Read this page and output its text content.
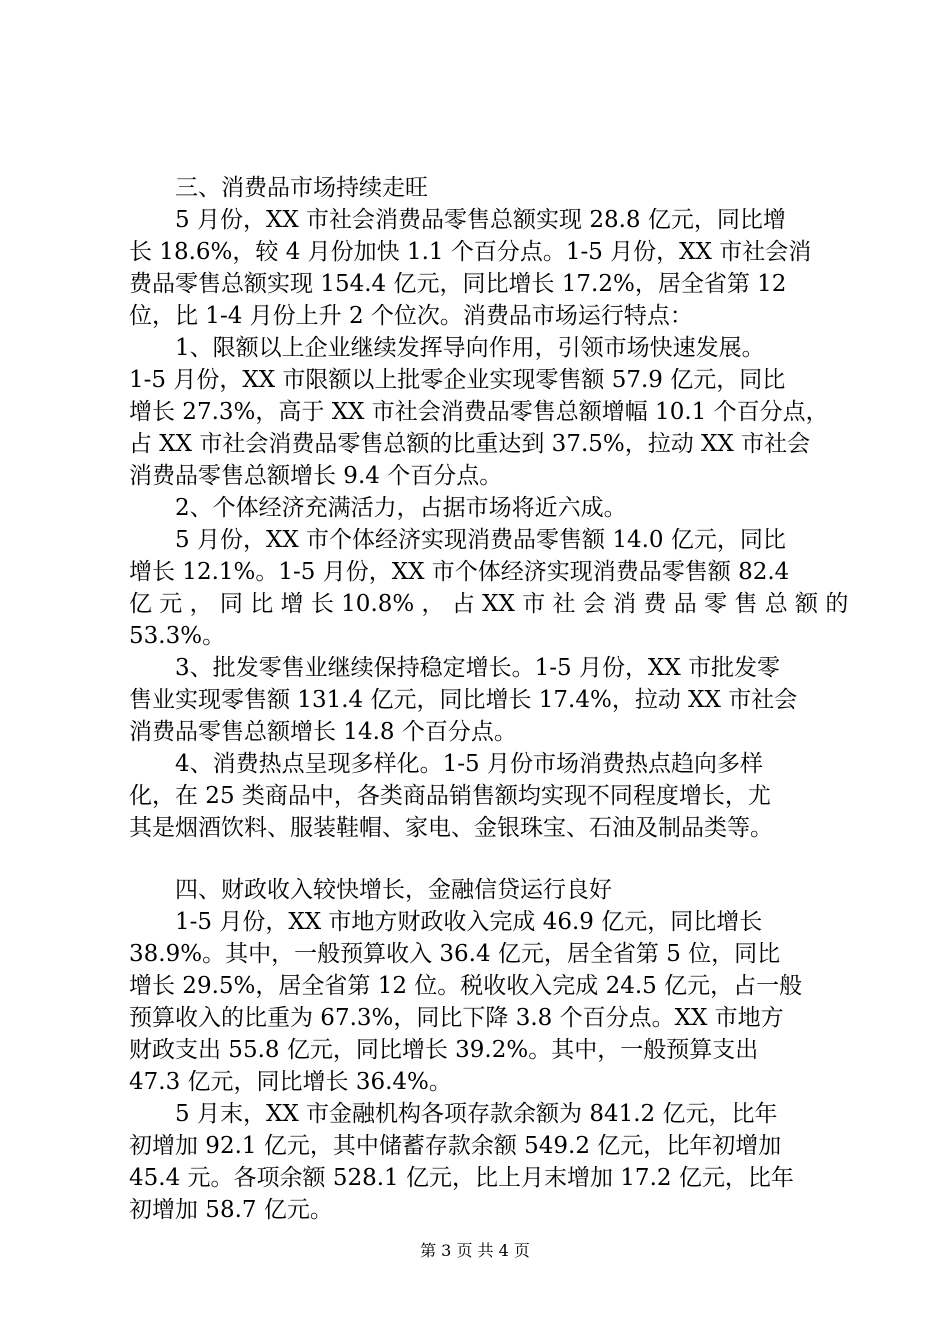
三、消费品市场持续走旺
5 月份，XX 市社会消费品零售总额实现 28.8 亿元，同比增
长 18.6%，较 4 月份加快 1.1 个百分点。1-5 月份，XX 市社会消
费品零售总额实现 154.4 亿元，同比增长 17.2%，居全省第 12
位，比 1-4 月份上升 2 个位次。消费品市场运行特点：
1、限额以上企业继续发挥导向作用，引领市场快速发展。
1-5 月份，XX 市限额以上批零企业实现零售额 57.9 亿元，同比
增长 27.3%，高于 XX 市社会消费品零售总额增幅 10.1 个百分点，
占 XX 市社会消费品零售总额的比重达到 37.5%，拉动 XX 市社会
消费品零售总额增长 9.4 个百分点。
2、个体经济充满活力，占据市场将近六成。
5 月份，XX 市个体经济实现消费品零售额 14.0 亿元，同比
增长 12.1%。1-5 月份，XX 市个体经济实现消费品零售额 82.4
亿 元 ， 同 比 增 长 10.8% ， 占 XX 市 社 会 消 费 品 零 售 总 额 的
53.3%。
3、批发零售业继续保持稳定增长。1-5 月份，XX 市批发零
售业实现零售额 131.4 亿元，同比增长 17.4%，拉动 XX 市社会
消费品零售总额增长 14.8 个百分点。
4、消费热点呈现多样化。1-5 月份市场消费热点趋向多样
化，在 25 类商品中，各类商品销售额均实现不同程度增长，尤
其是烟酒饮料、服装鞋帽、家电、金银珠宝、石油及制品类等。
四、财政收入较快增长，金融信贷运行良好
1-5 月份，XX 市地方财政收入完成 46.9 亿元，同比增长
38.9%。其中，一般预算收入 36.4 亿元，居全省第 5 位，同比
增长 29.5%，居全省第 12 位。税收收入完成 24.5 亿元，占一般
预算收入的比重为 67.3%，同比下降 3.8 个百分点。XX 市地方
财政支出 55.8 亿元，同比增长 39.2%。其中，一般预算支出
47.3 亿元，同比增长 36.4%。
5 月末，XX 市金融机构各项存款余额为 841.2 亿元，比年
初增加 92.1 亿元，其中储蓄存款余额 549.2 亿元，比年初增加
45.4 元。各项余额 528.1 亿元，比上月末增加 17.2 亿元，比年
初增加 58.7 亿元。
第 3 页 共 4 页
